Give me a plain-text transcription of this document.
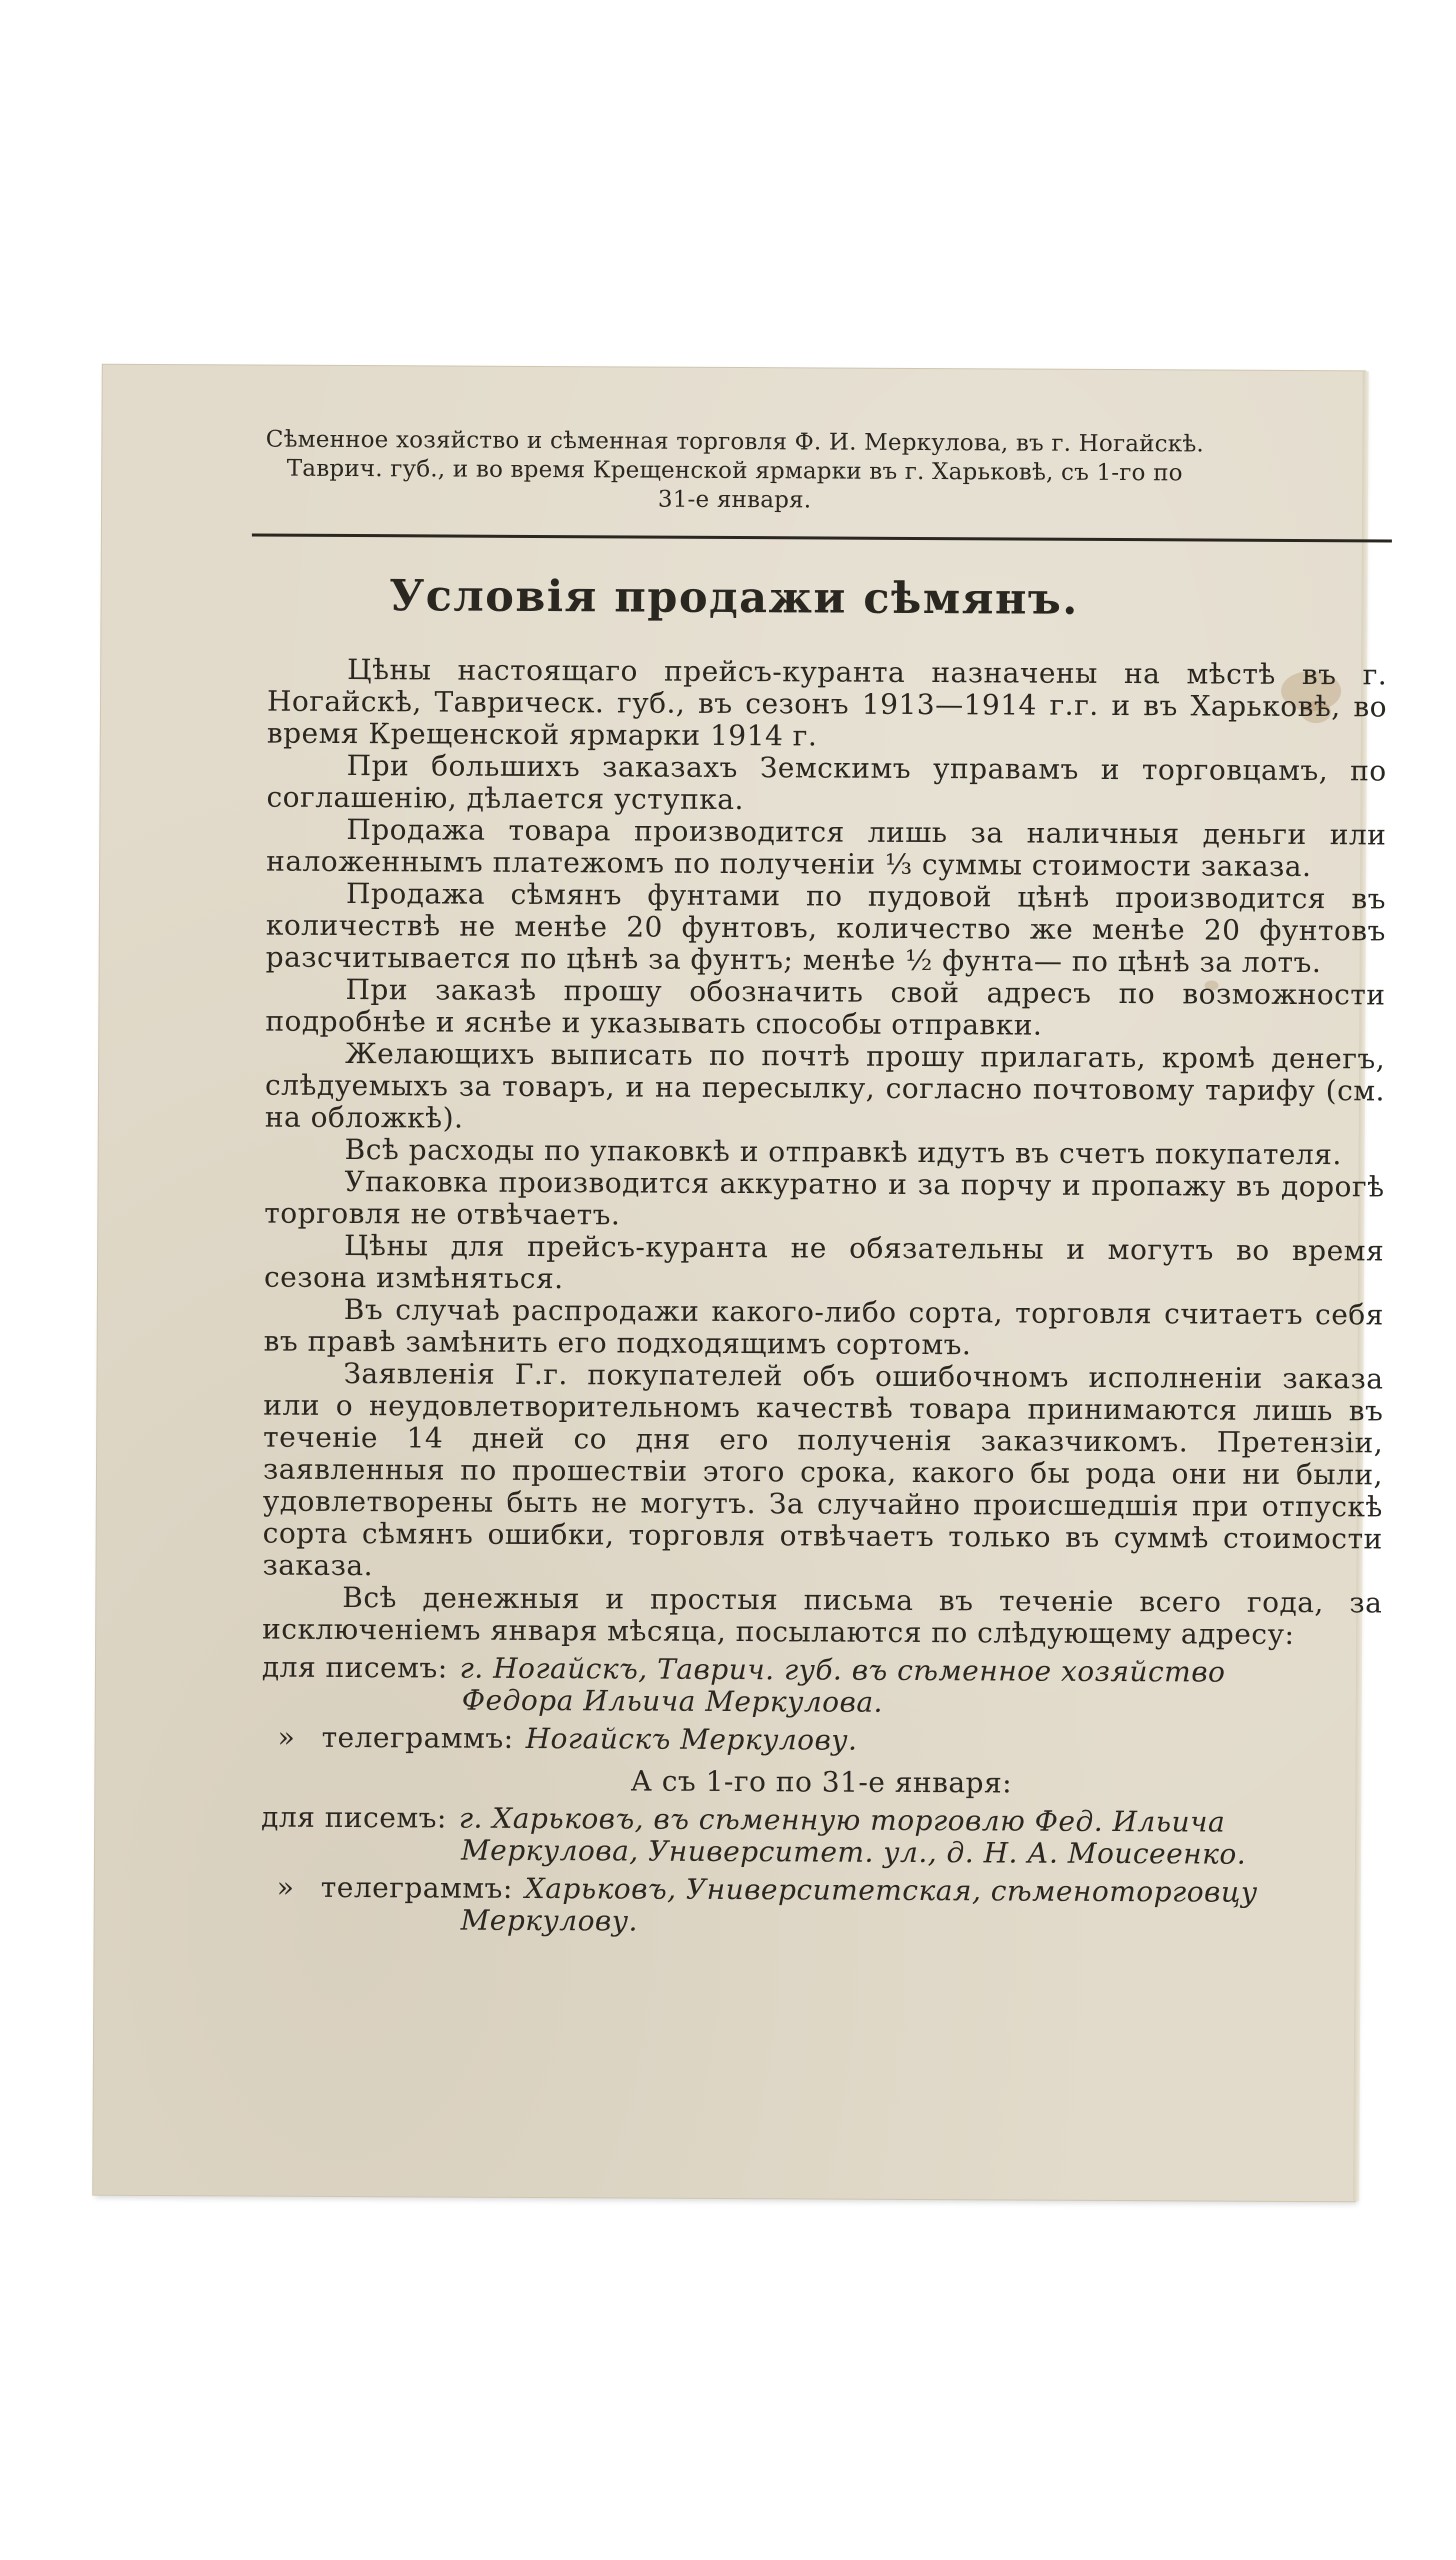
Сѣменное хозяйство и сѣменная торговля Ф. И. Меркулова, въ г. Ногайскѣ.
Таврич. губ., и во время Крещенской ярмарки въ г. Харьковѣ, съ 1-го по
31-е января.
Условія продажи сѣмянъ.

Цѣны настоящаго прейсъ-куранта назначены на мѣстѣ въ г. Ногайскѣ, Таврическ. губ., въ сезонъ 1913—1914 г.г. и въ Харьковѣ, во время Крещенской ярмарки 1914 г.

При большихъ заказахъ Земскимъ управамъ и торговцамъ, по соглашенію, дѣлается уступка.

Продажа товара производится лишь за наличныя деньги или наложеннымъ платежомъ по полученіи ⅓ суммы стоимости заказа.

Продажа сѣмянъ фунтами по пудовой цѣнѣ производится въ количествѣ не менѣе 20 фунтовъ, количество же менѣе 20 фунтовъ разсчитывается по цѣнѣ за фунтъ; менѣе ½ фунта— по цѣнѣ за лотъ.

При заказѣ прошу обозначить свой адресъ по возможности подробнѣе и яснѣе и указывать способы отправки.

Желающихъ выписать по почтѣ прошу прилагать, кромѣ денегъ, слѣдуемыхъ за товаръ, и на пересылку, согласно почтовому тарифу (см. на обложкѣ).

Всѣ расходы по упаковкѣ и отправкѣ идутъ въ счетъ покупателя.

Упаковка производится аккуратно и за порчу и пропажу въ дорогѣ торговля не отвѣчаетъ.

Цѣны для прейсъ-куранта не обязательны и могутъ во время сезона измѣняться.

Въ случаѣ распродажи какого-либо сорта, торговля считаетъ себя въ правѣ замѣнить его подходящимъ сортомъ.

Заявленія Г.г. покупателей объ ошибочномъ исполненіи заказа или о неудовлетворительномъ качествѣ товара принимаются лишь въ теченіе 14 дней со дня его полученія заказчикомъ. Претензіи, заявленныя по прошествіи этого срока, какого бы рода они ни были, удовлетворены быть не могутъ. За случайно происшедшія при отпускѣ сорта сѣмянъ ошибки, торговля отвѣчаетъ только въ суммѣ стоимости заказа.

Всѣ денежныя и простыя письма въ теченіе всего года, за исключеніемъ января мѣсяца, посылаются по слѣдующему адресу:

для писемъ: г. Ногайскъ, Таврич. губ. въ сѣменное хозяйство
Федора Ильича Меркулова.
» телеграммъ: Ногайскъ Меркулову.
А съ 1-го по 31-е января:
для писемъ: г. Харьковъ, въ сѣменную торговлю Фед. Ильича
Меркулова, Университет. ул., д. Н. А. Моисеенко.
» телеграммъ: Харьковъ, Университетская, сѣменоторговцу
Меркулову.
